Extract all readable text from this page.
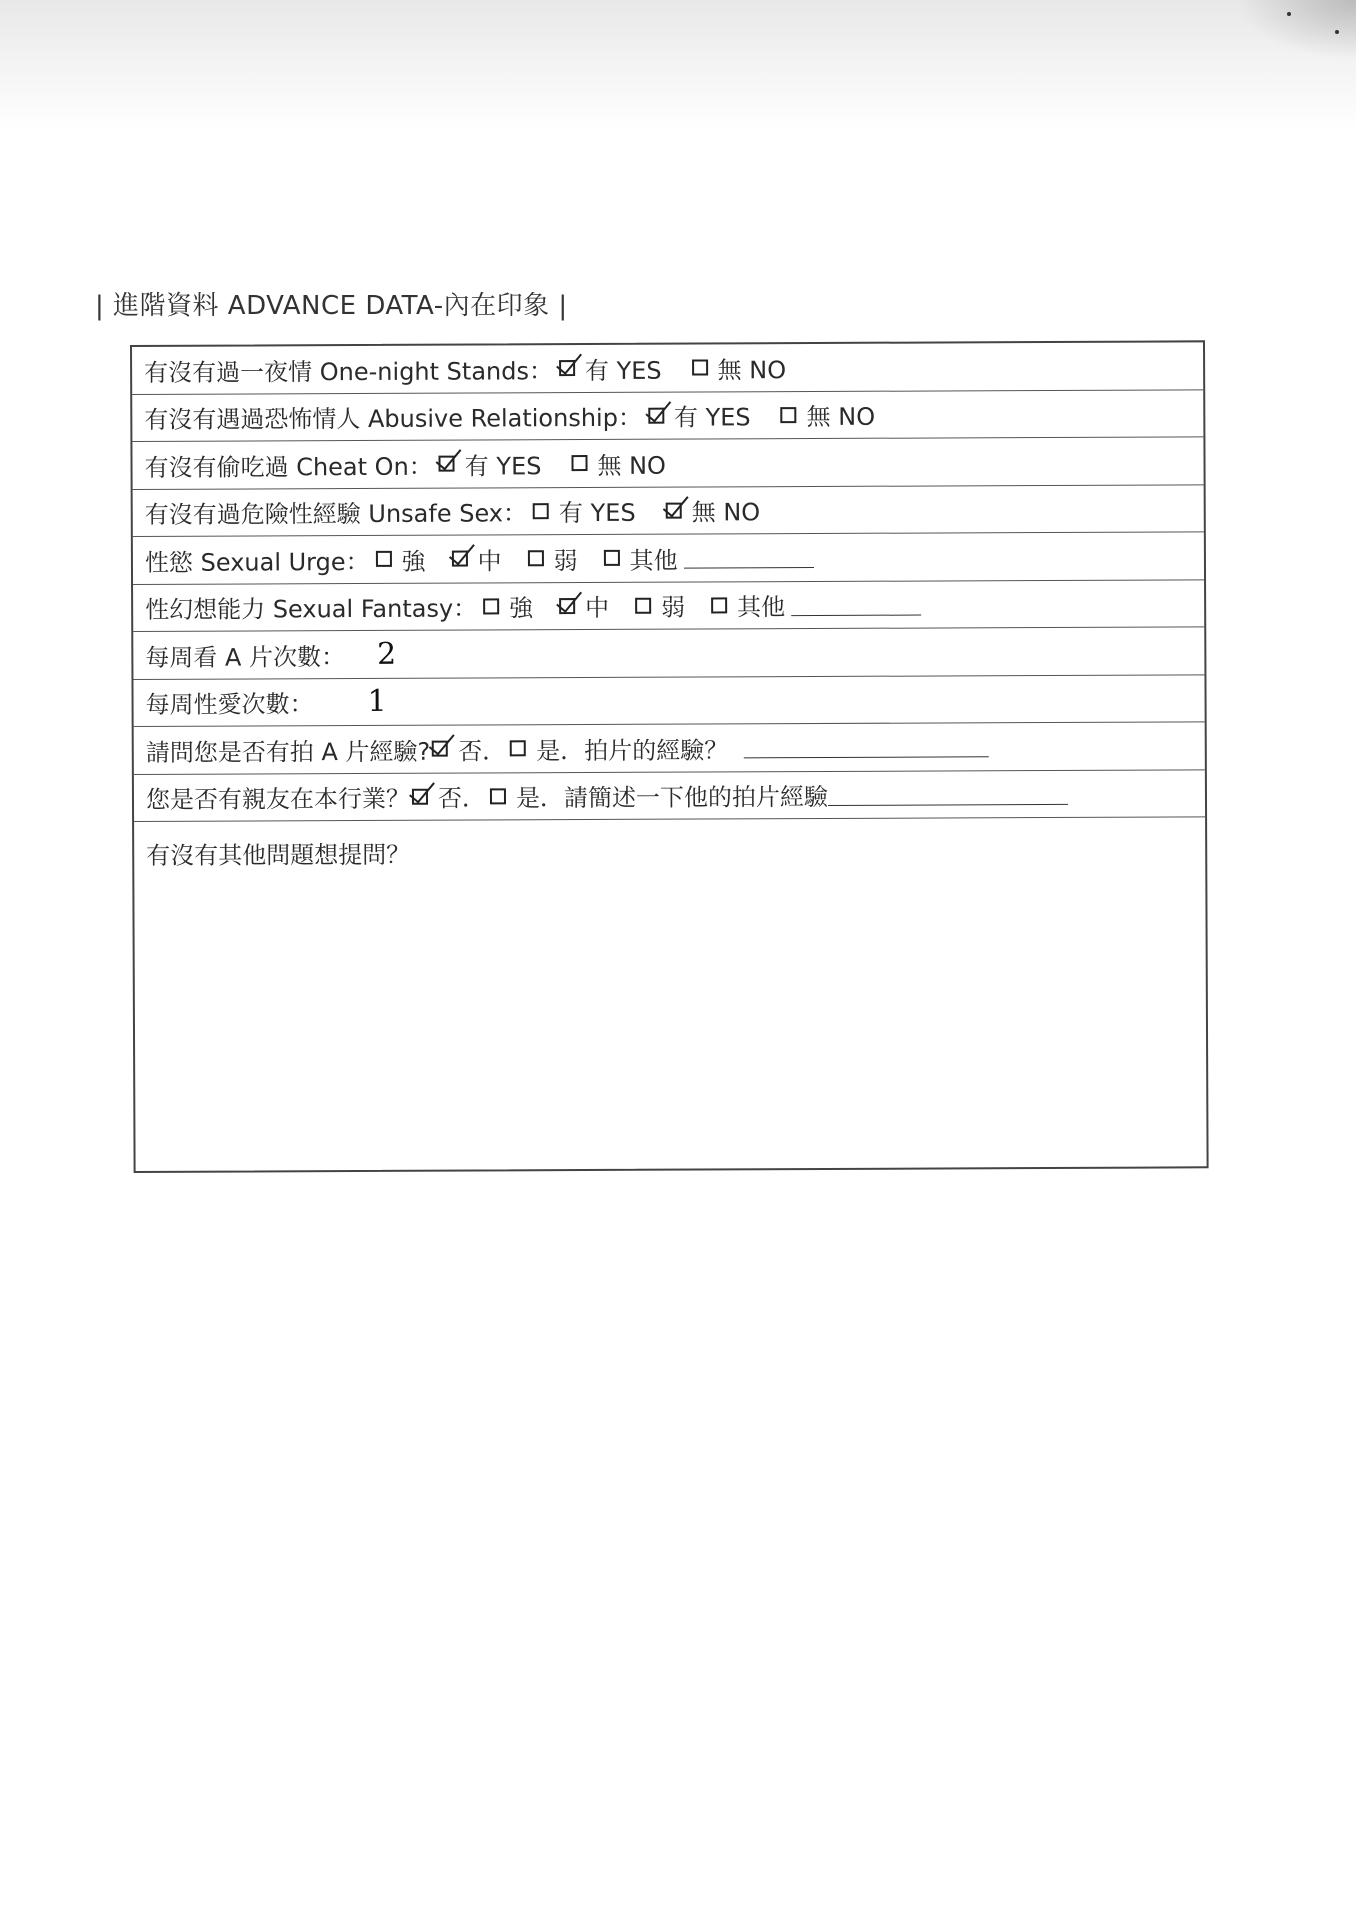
| 進階資料 ADVANCE DATA-內在印象 |
有沒有過一夜情 One-night Stands： 有 YES 無 NO
有沒有遇過恐怖情人 Abusive Relationship： 有 YES 無 NO
有沒有偷吃過 Cheat On： 有 YES 無 NO
有沒有過危險性經驗 Unsafe Sex： 有 YES 無 NO
性慾 Sexual Urge： 強 中 弱 其他
性幻想能力 Sexual Fantasy： 強 中 弱 其他
每周看 A 片次數： 2
每周性愛次數： 1
請問您是否有拍 A 片經驗? 否． 是．拍片的經驗？
您是否有親友在本行業？ 否． 是．請簡述一下他的拍片經驗
有沒有其他問題想提問？
